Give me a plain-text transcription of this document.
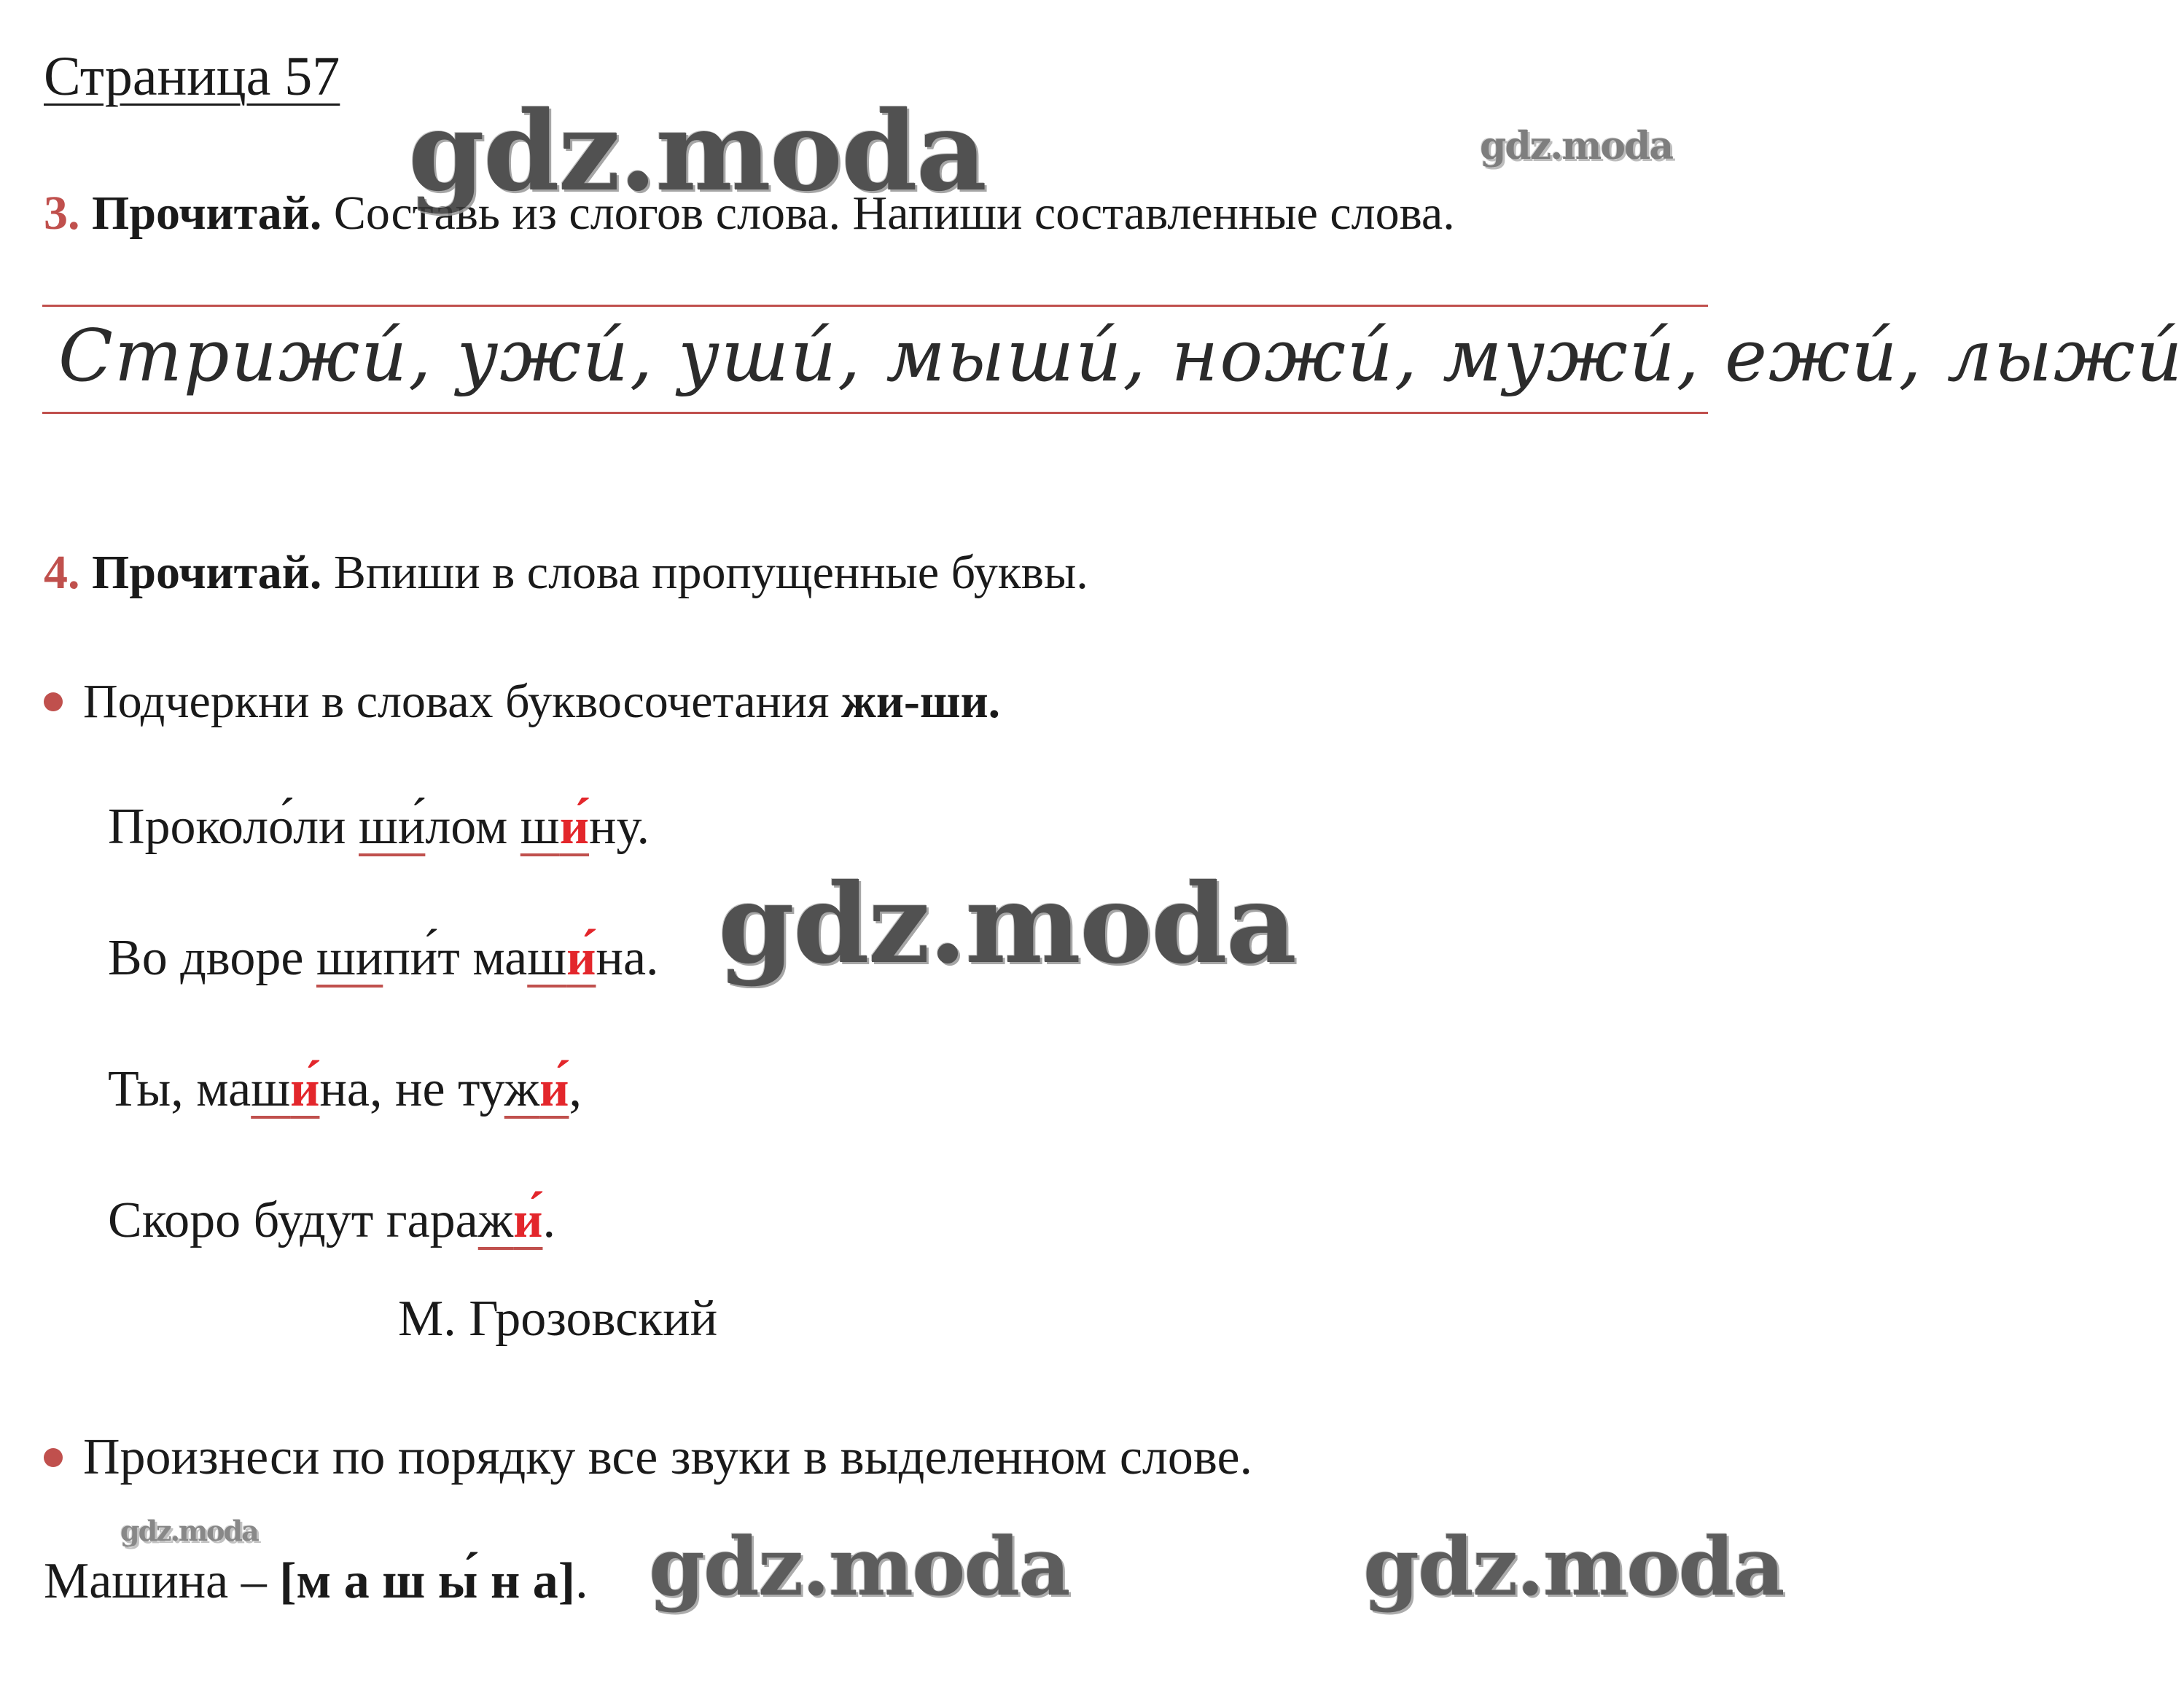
Страница 57
3. Прочитай. Составь из слогов слова. Напиши составленные слова.
Стрижи́, ужи́, уши́, мыши́, ножи́, мужи́, ежи́, лыжи́
4. Прочитай. Впиши в слова пропущенные буквы.
Подчеркни в словах буквосочетания жи-ши.
Проколо́ли ши́лом ши́ну.
Во дворе шипи́т маши́на.
Ты, маши́на, не тужи́,
Скоро будут гаражи́.
М. Грозовский
Произнеси по порядку все звуки в выделенном слове.
Машина – [м а ш ы́ н а].
gdz.moda	gdz.moda
gdz.moda
gdz.moda	gdz.moda	gdz.moda
